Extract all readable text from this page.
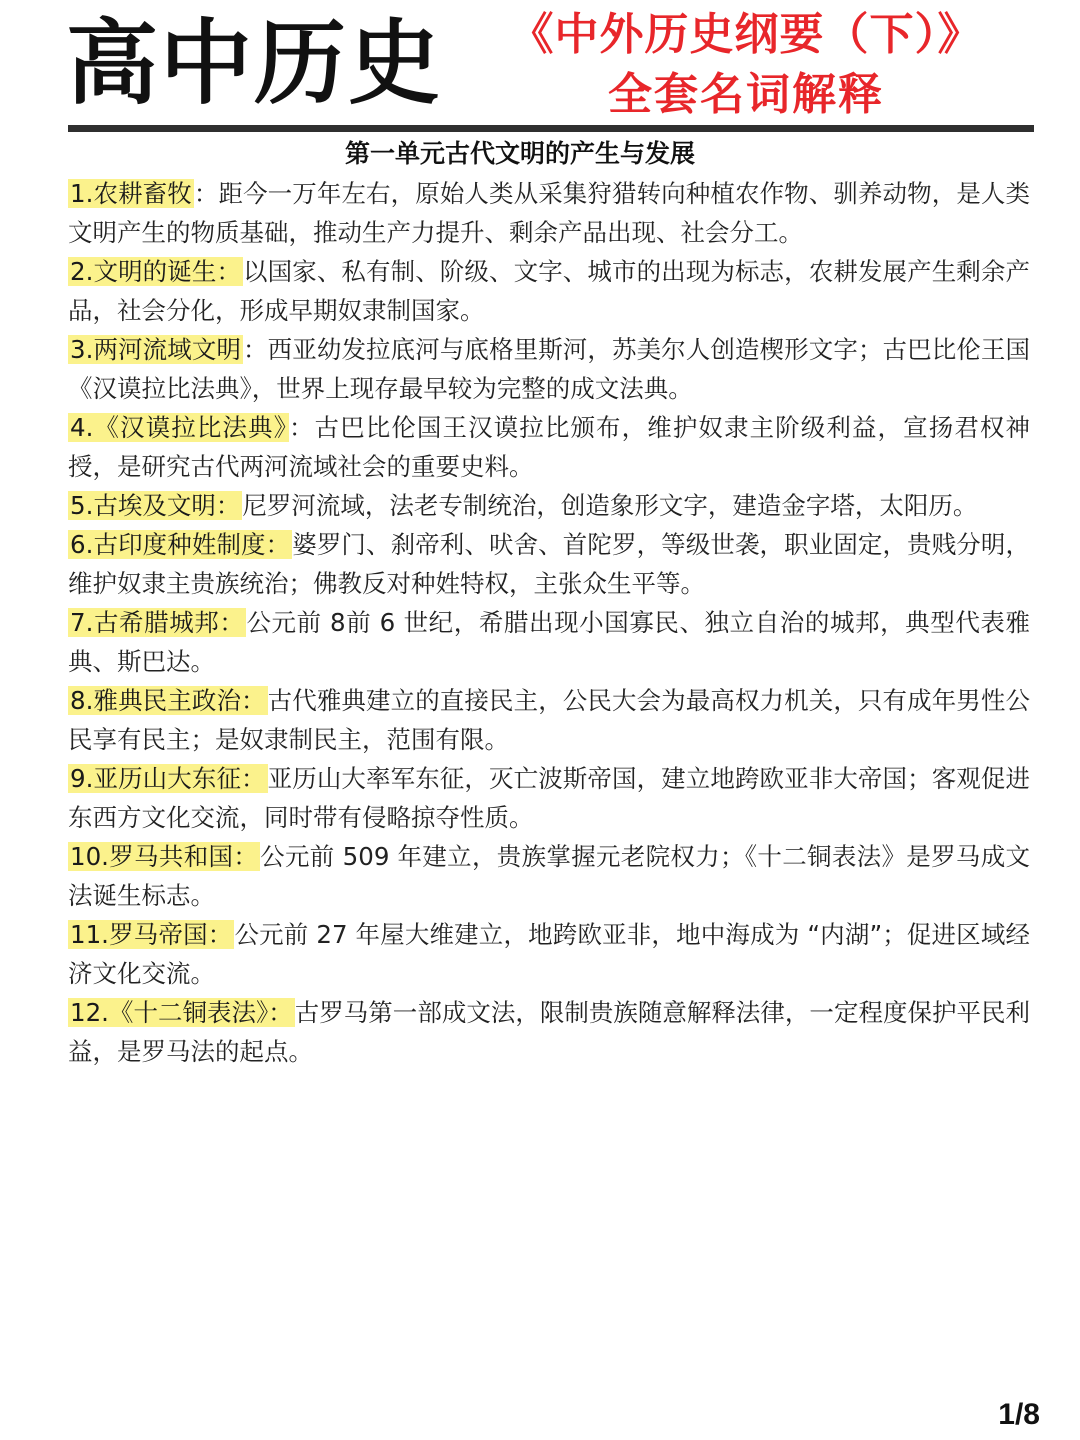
高中历史 《中外历史纲要（下）》
全套名词解释
第一单元古代文明的产生与发展

1.农耕畜牧：距今一万年左右，原始人类从采集狩猎转向种植农作物、驯养动物，是人类文明产生的物质基础，推动生产力提升、剩余产品出现、社会分工。

2.文明的诞生：以国家、私有制、阶级、文字、城市的出现为标志，农耕发展产生剩余产品，社会分化，形成早期奴隶制国家。

3.两河流域文明：西亚幼发拉底河与底格里斯河，苏美尔人创造楔形文字；古巴比伦王国《汉谟拉比法典》，世界上现存最早较为完整的成文法典。

4.《汉谟拉比法典》：古巴比伦国王汉谟拉比颁布，维护奴隶主阶级利益，宣扬君权神授，是研究古代两河流域社会的重要史料。

5.古埃及文明：尼罗河流域，法老专制统治，创造象形文字，建造金字塔，太阳历。

6.古印度种姓制度：婆罗门、刹帝利、吠舍、首陀罗，等级世袭，职业固定，贵贱分明，维护奴隶主贵族统治；佛教反对种姓特权，主张众生平等。

7.古希腊城邦：公元前 8前 6 世纪，希腊出现小国寡民、独立自治的城邦，典型代表雅典、斯巴达。

8.雅典民主政治：古代雅典建立的直接民主，公民大会为最高权力机关，只有成年男性公民享有民主；是奴隶制民主，范围有限。

9.亚历山大东征：亚历山大率军东征，灭亡波斯帝国，建立地跨欧亚非大帝国；客观促进东西方文化交流，同时带有侵略掠夺性质。

10.罗马共和国：公元前 509 年建立，贵族掌握元老院权力；《十二铜表法》是罗马成文法诞生标志。

11.罗马帝国：公元前 27 年屋大维建立，地跨欧亚非，地中海成为 “内湖”；促进区域经济文化交流。

12.《十二铜表法》：古罗马第一部成文法，限制贵族随意解释法律，一定程度保护平民利益，是罗马法的起点。

1/8
